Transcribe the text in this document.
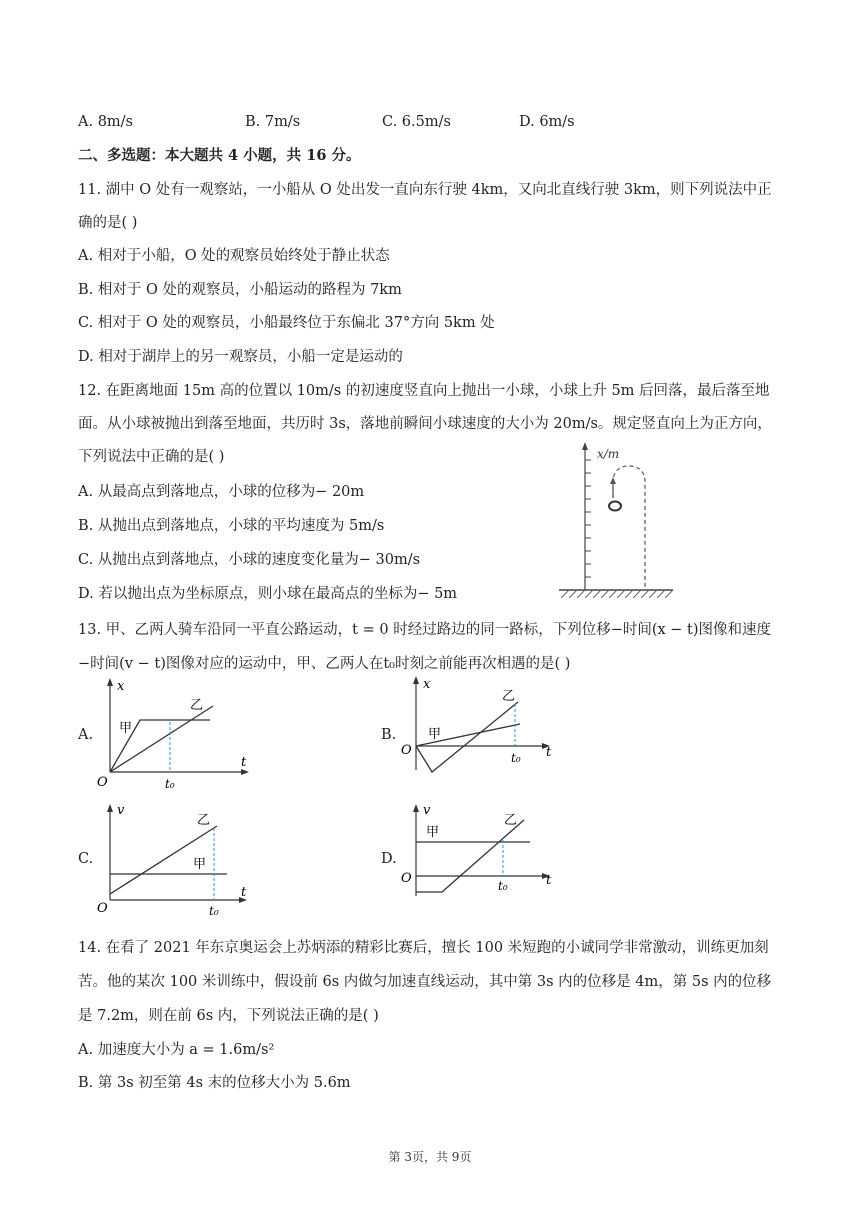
A. 8m/s	B. 7m/s	C. 6.5m/s	D. 6m/s
二、多选题：本大题共 4 小题，共 16 分。
11. 湖中 O 处有一观察站，一小船从 O 处出发一直向东行驶 4km，又向北直线行驶 3km，则下列说法中正
确的是( )
A. 相对于小船，O 处的观察员始终处于静止状态
B. 相对于 O 处的观察员，小船运动的路程为 7km
C. 相对于 O 处的观察员，小船最终位于东偏北 37°方向 5km 处
D. 相对于湖岸上的另一观察员，小船一定是运动的
12. 在距离地面 15m 高的位置以 10m/s 的初速度竖直向上抛出一小球，小球上升 5m 后回落，最后落至地
面。从小球被抛出到落至地面，共历时 3s，落地前瞬间小球速度的大小为 20m/s。规定竖直向上为正方向，
下列说法中正确的是( )
A. 从最高点到落地点，小球的位移为− 20m
B. 从抛出点到落地点，小球的平均速度为 5m/s
C. 从抛出点到落地点，小球的速度变化量为− 30m/s
D. 若以抛出点为坐标原点，则小球在最高点的坐标为− 5m
x/m
13. 甲、乙两人骑车沿同一平直公路运动，t = 0 时经过路边的同一路标，下列位移−时间(x − t)图像和速度
−时间(v − t)图像对应的运动中，甲、乙两人在t₀时刻之前能再次相遇的是( )
A.
x
t
O
甲
乙
t₀
B.
x
t
O
甲
乙
t₀
C.
v
t
O
甲
乙
t₀
D.
v
t
O
甲
乙
t₀
14. 在看了 2021 年东京奥运会上苏炳添的精彩比赛后，擅长 100 米短跑的小诚同学非常激动，训练更加刻
苦。他的某次 100 米训练中，假设前 6s 内做匀加速直线运动，其中第 3s 内的位移是 4m，第 5s 内的位移
是 7.2m，则在前 6s 内，下列说法正确的是( )
A. 加速度大小为 a = 1.6m/s²
B. 第 3s 初至第 4s 末的位移大小为 5.6m
第 3页，共 9页
